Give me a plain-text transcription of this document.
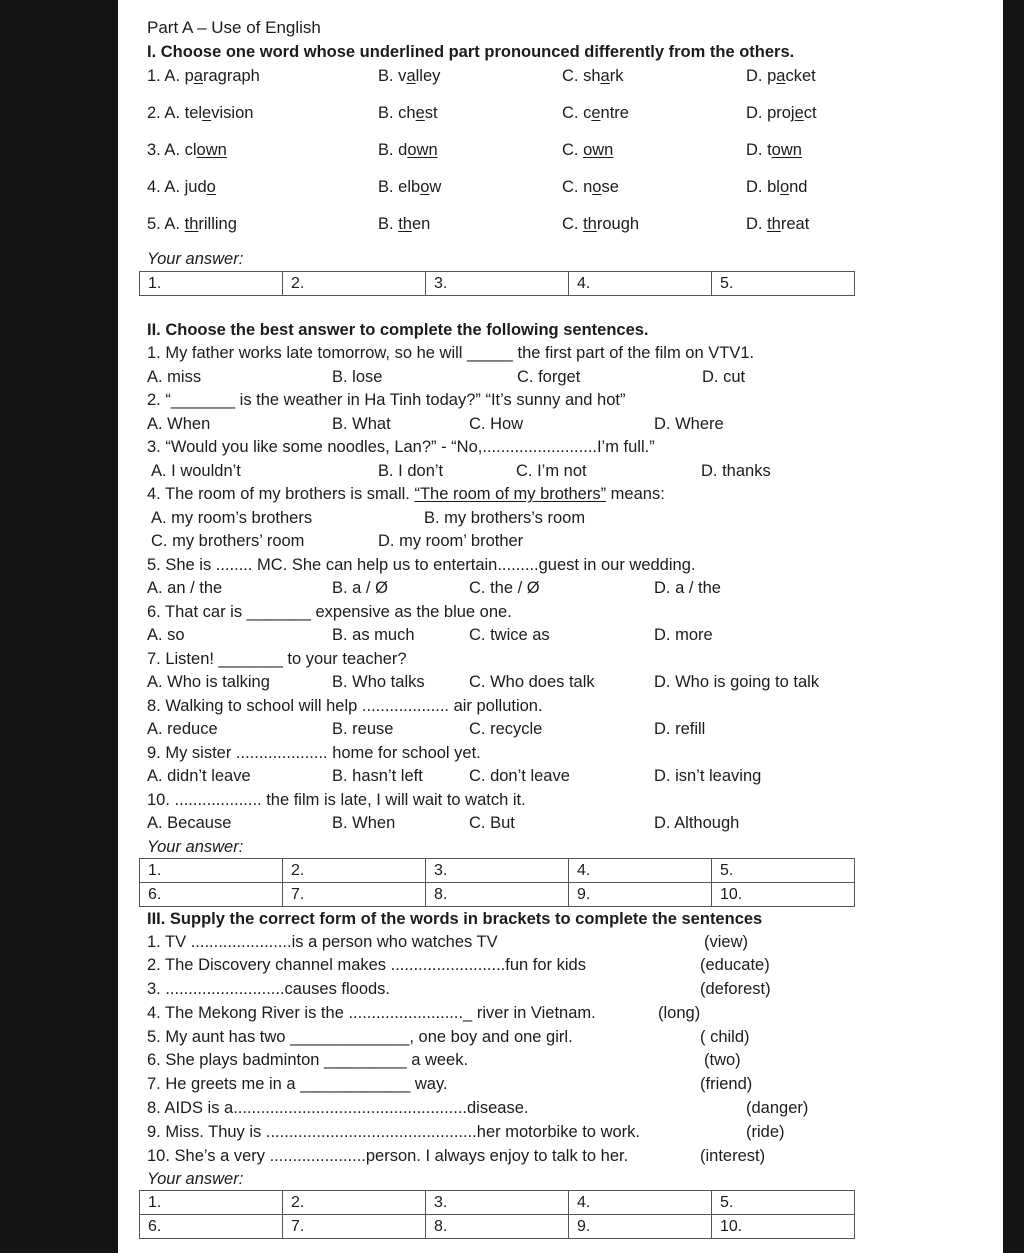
Part A – Use of English
I. Choose one word whose underlined part pronounced differently from the others.
1. A. paragraph	B. valley	C. shark	D. packet
2. A. television	B. chest	C. centre	D. project
3. A. clown	B. down	C. own	D. town
4. A. judo	B. elbow	C. nose	D. blond
5. A. thrilling	B. then	C. through	D. threat
Your answer:
1.	2.	3.	4.	5.
II. Choose the best answer to complete the following sentences.
1. My father works late tomorrow, so he will _____ the first part of the film on VTV1.
A. miss	B. lose	C. forget	D. cut
2. “_______ is the weather in Ha Tinh today?” “It’s sunny and hot”
A. When	B. What	C. How	D. Where
3. “Would you like some noodles, Lan?” - “No,.........................I’m full.”
A. I wouldn’t	B. I don’t	C. I’m not	D. thanks
4. The room of my brothers is small. “The room of my brothers” means:
A. my room’s brothers	B. my brothers’s room
C. my brothers’ room	D. my room’ brother
5. She is ........ MC. She can help us to entertain.........guest in our wedding.
A. an / the	B. a / Ø	C. the / Ø	D. a / the
6. That car is _______ expensive as the blue one.
A. so	B. as much	C. twice as	D. more
7. Listen! _______ to your teacher?
A. Who is talking	B. Who talks	C. Who does talk	D. Who is going to talk
8. Walking to school will help ................... air pollution.
A. reduce	B. reuse	C. recycle	D. refill
9. My sister .................... home for school yet.
A. didn’t leave	B. hasn’t left	C. don’t leave	D. isn’t leaving
10. ................... the film is late, I will wait to watch it.
A. Because	B. When	C. But	D. Although
Your answer:
1.	2.	3.	4.	5.
6.	7.	8.	9.	10.
III. Supply the correct form of the words in brackets to complete the sentences
1. TV ......................is a person who watches TV	(view)
2. The Discovery channel makes .........................fun for kids	(educate)
3. ..........................causes floods.	(deforest)
4. The Mekong River is the ........................._ river in Vietnam.	(long)
5. My aunt has two _____________, one boy and one girl.	( child)
6. She plays badminton _________ a week.	(two)
7. He greets me in a ____________ way.	(friend)
8. AIDS is a...................................................disease.	(danger)
9. Miss. Thuy is ..............................................her motorbike to work.	(ride)
10. She’s a very .....................person. I always enjoy to talk to her.	(interest)
Your answer:
1.	2.	3.	4.	5.
6.	7.	8.	9.	10.
